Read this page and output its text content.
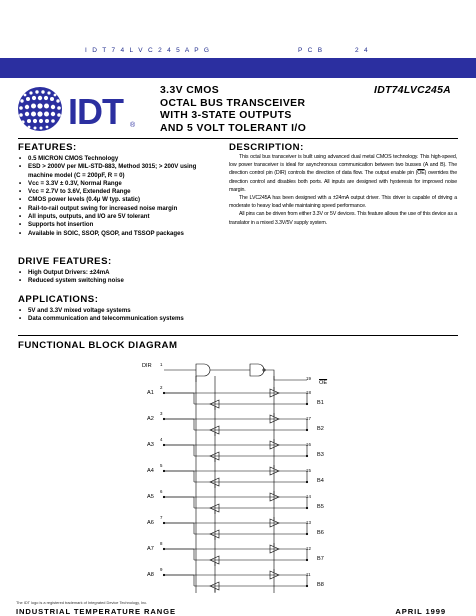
I D T 7 4 L V C 2 4 5 A P G	P C B	2 4
IDT ®
3.3V CMOS
OCTAL BUS TRANSCEIVER
WITH 3-STATE OUTPUTS
AND 5 VOLT TOLERANT I/O
IDT74LVC245A
FEATURES:
• 0.5 MICRON CMOS Technology
• ESD > 2000V per MIL-STD-883, Method 3015; > 200V using
machine model (C = 200pF, R = 0)
• Vcc = 3.3V ± 0.3V, Normal Range
• Vcc = 2.7V to 3.6V, Extended Range
• CMOS power levels (0.4μ W typ. static)
• Rail-to-rail output swing for increased noise margin
• All inputs, outputs, and I/O are 5V tolerant
• Supports hot insertion
• Available in SOIC, SSOP, QSOP, and TSSOP packages
DRIVE FEATURES:
• High Output Drivers: ±24mA
• Reduced system switching noise
APPLICATIONS:
• 5V and 3.3V mixed voltage systems
• Data communication and telecommunication systems
DESCRIPTION:

This octal bus transceiver is built using advanced dual metal CMOS technology. This high-speed, low power transceiver is ideal for asynchronous communication between two busses (A and B). The direction control pin (DIR) controls the direction of data flow. The output enable pin $(\overline{OE})$ overrides the direction control and disables both ports. All inputs are designed with hysteresis for improved noise margin.

The LVC245A has been designed with a ±24mA output driver. This driver is capable of driving a moderate to heavy load while maintaining speed performance.

All pins can be driven from either 3.3V or 5V devices. This feature allows the use of this device as a translator in a mixed 3.3V/5V supply system.

FUNCTIONAL BLOCK DIAGRAM
DIR 1
$\overline{OE}$
19
A1
2
18
B1
A2
3
17
B2
A3
4
16
B3
A4
5
15
B4
A5
6
14
B5
A6
7
13
B6
A7
8
12
B7
A8
9
11
B8
The IDT logo is a registered trademark of Integrated Device Technology, Inc.
INDUSTRIAL TEMPERATURE RANGE	APRIL 1999
